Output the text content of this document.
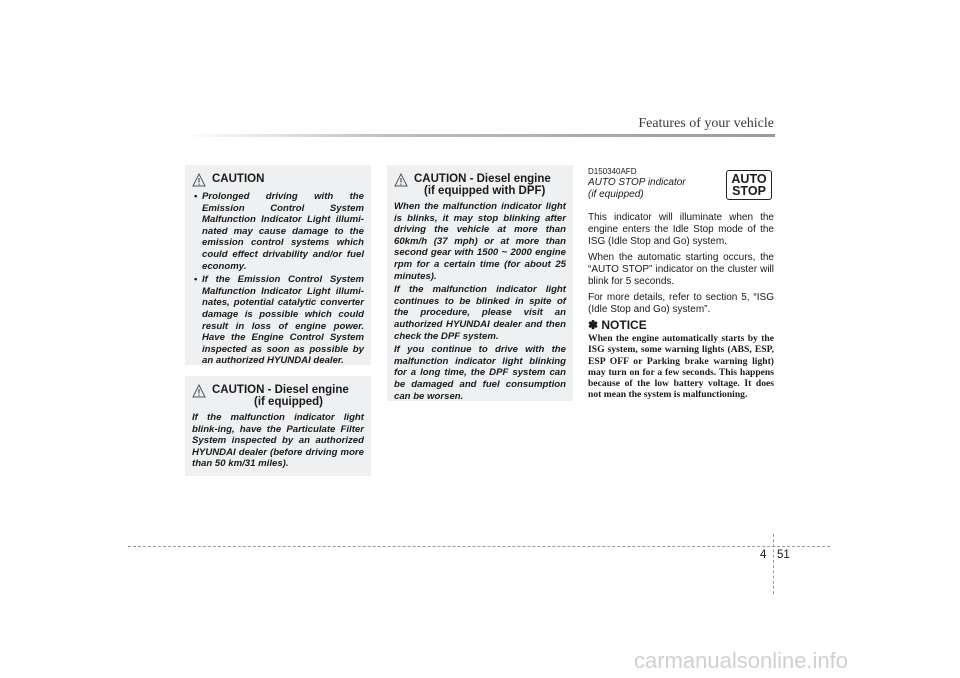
Features of your vehicle
CAUTION
• Prolonged driving with the Emission Control System Malfunction Indicator Light illumi-nated may cause damage to the emission control systems which could effect drivability and/or fuel economy.
• If the Emission Control System Malfunction Indicator Light illumi-nates, potential catalytic converter damage is possible which could result in loss of engine power. Have the Engine Control System inspected as soon as possible by an authorized HYUNDAI dealer.
CAUTION - Diesel engine
(if equipped)

If the malfunction indicator light blink-ing, have the Particulate Filter System inspected by an authorized HYUNDAI dealer (before driving more than 50 km/31 miles).

CAUTION - Diesel engine
(if equipped with DPF)

When the malfunction indicator light is blinks, it may stop blinking after driving the vehicle at more than 60km/h (37 mph) or at more than second gear with 1500 ~ 2000 engine rpm for a certain time (for about 25 minutes).

If the malfunction indicator light continues to be blinked in spite of the procedure, please visit an authorized HYUNDAI dealer and then check the DPF system.

If you continue to drive with the malfunction indicator light blinking for a long time, the DPF system can be damaged and fuel consumption can be worsen.

D150340AFD
AUTO STOP indicator
(if equipped)
AUTO
STOP

This indicator will illuminate when the engine enters the Idle Stop mode of the ISG (Idle Stop and Go) system.

When the automatic starting occurs, the “AUTO STOP” indicator on the cluster will blink for 5 seconds.

For more details, refer to section 5, “ISG (Idle Stop and Go) system”.

✽ NOTICE
When the engine automatically starts by the ISG system, some warning lights (ABS, ESP, ESP OFF or Parking brake warning light) may turn on for a few seconds. This happens because of the low battery voltage. It does not mean the system is malfunctioning.
4 51
carmanualsonline.info
